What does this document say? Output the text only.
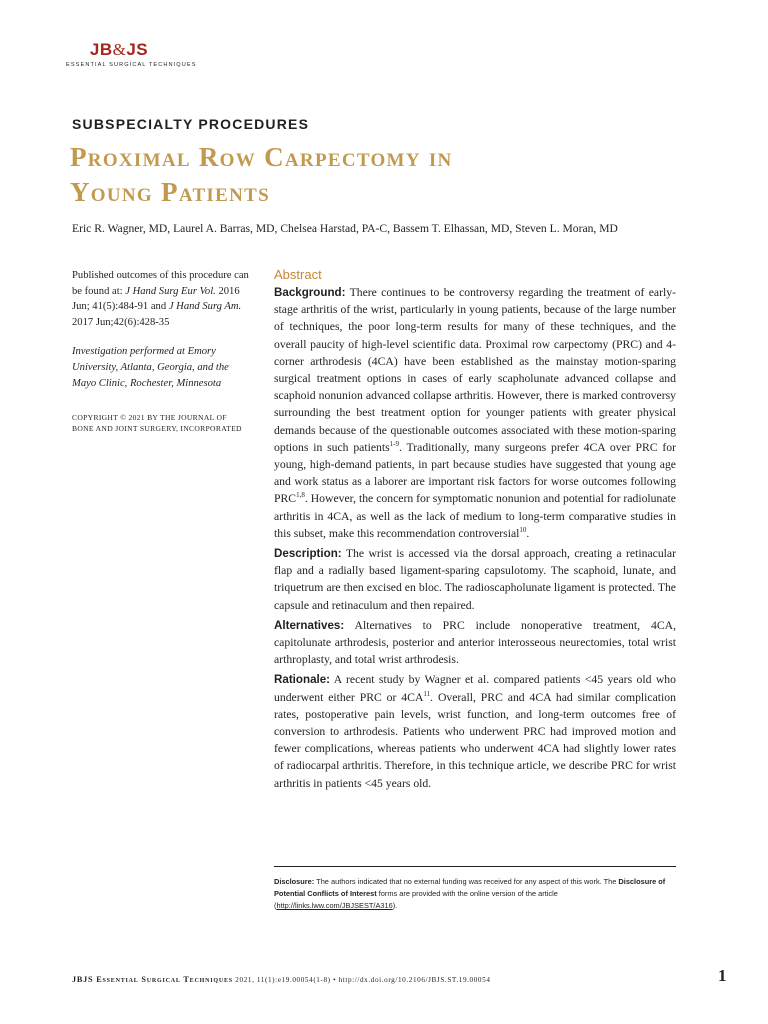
JB&JS
ESSENTIAL SURGICAL TECHNIQUES
SUBSPECIALTY PROCEDURES
Proximal Row Carpectomy in
Young Patients
Eric R. Wagner, MD, Laurel A. Barras, MD, Chelsea Harstad, PA-C, Bassem T. Elhassan, MD, Steven L. Moran, MD

Published outcomes of this procedure can be found at: J Hand Surg Eur Vol. 2016 Jun; 41(5):484-91 and J Hand Surg Am. 2017 Jun;42(6):428-35

Investigation performed at Emory University, Atlanta, Georgia, and the Mayo Clinic, Rochester, Minnesota

COPYRIGHT © 2021 BY THE JOURNAL OF BONE AND JOINT SURGERY, INCORPORATED

Abstract

Background: There continues to be controversy regarding the treatment of early-stage arthritis of the wrist, particularly in young patients, because of the large number of techniques, the poor long-term results for many of these techniques, and the overall paucity of high-level scientific data. Proximal row carpectomy (PRC) and 4-corner arthrodesis (4CA) have been established as the mainstay motion-sparing surgical treatment options in cases of early scapholunate advanced collapse and scaphoid nonunion advanced collapse arthritis. However, there is marked controversy surrounding the best treatment option for younger patients with greater physical demands because of the questionable outcomes associated with these motion-sparing options in such patients$^{1-9}$. Traditionally, many surgeons prefer 4CA over PRC for young, high-demand patients, in part because studies have suggested that young age and work status as a laborer are important risk factors for worse outcomes following PRC$^{1,8}$. However, the concern for symptomatic nonunion and potential for radiolunate arthritis in 4CA, as well as the lack of medium to long-term comparative studies in this subset, make this recommendation controversial$^{10}$.

Description: The wrist is accessed via the dorsal approach, creating a retinacular flap and a radially based ligament-sparing capsulotomy. The scaphoid, lunate, and triquetrum are then excised en bloc. The radioscapholunate ligament is protected. The capsule and retinaculum and then repaired.

Alternatives: Alternatives to PRC include nonoperative treatment, 4CA, capitolunate arthrodesis, posterior and anterior interosseous neurectomies, total wrist arthroplasty, and total wrist arthrodesis.

Rationale: A recent study by Wagner et al. compared patients <45 years old who underwent either PRC or 4CA$^{11}$. Overall, PRC and 4CA had similar complication rates, postoperative pain levels, wrist function, and long-term outcomes free of conversion to arthrodesis. Patients who underwent PRC had improved motion and fewer complications, whereas patients who underwent 4CA had slightly lower rates of radiocarpal arthritis. Therefore, in this technique article, we describe PRC for wrist arthritis in patients <45 years old.

Disclosure: The authors indicated that no external funding was received for any aspect of this work. The Disclosure of Potential Conflicts of Interest forms are provided with the online version of the article (http://links.lww.com/JBJSEST/A316).
JBJS Essential Surgical Techniques 2021, 11(1):e19.00054(1-8) • http://dx.doi.org/10.2106/JBJS.ST.19.00054	1
